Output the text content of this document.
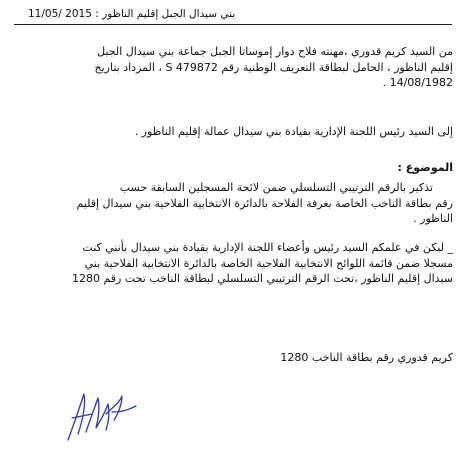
بني سيدال الجبل إقليم الناظور : 2015 /11/05
من السيد كريم قدوري ،مهنته فلاح دوار إموساتا الجبل جماعة بني سيدال الجبل
إقليم الناظور ، الحامل لبطاقة التعريف الوطنية رقم S 479872 ، المزداد بتاريخ
14/08/1982 .
إلى السيد رئيس اللجنة الإدارية بقيادة بني سيدال عمالة إقليم الناظور .
الموضوع :
تذكير بالرقم الترتيبي التسلسلي ضمن لائحة المسجلين السابقة حسب
رقم بطاقة الناخب الخاصة بغرفة الفلاحة بالدائرة الانتخابية الفلاحية بني سيدال إقليم
الناظور .
_ لبكن في علمكم السيد رئيس وأعضاء اللجنة الإدارية بقيادة بني سيدال بأنني كنت
مسجلا ضمن قائمة اللوائح الانتخابية الفلاحية الخاصة بالدائرة الانتخابية الفلاحية بني
سيدال إقليم الناظور ،تحت الرقم الترتيبي التسلسلي لبطاقة الناخب تحت رقم 1280
كريم قدوري رقم بطاقة الناخب 1280
